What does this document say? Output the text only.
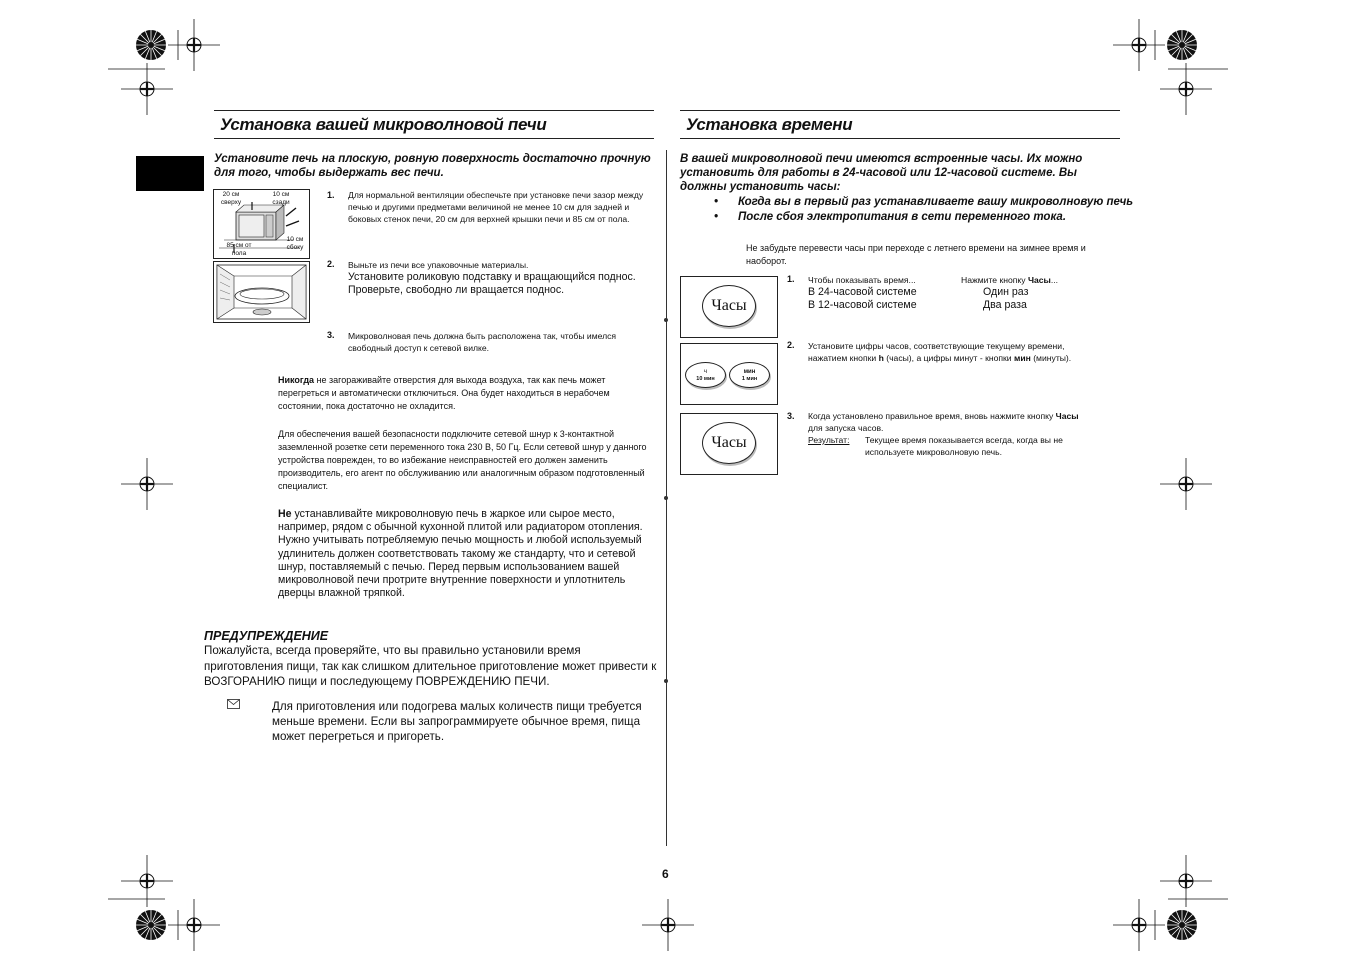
Установка вашей микроволновой печи
Установите печь на плоскую, ровную поверхность достаточно прочную для того, чтобы выдержать вес печи.
20 см сверху
10 см сзади
10 см сбоку
85 см от пола
1. Для нормальной вентиляции обеспечьте при установке печи зазор между печью и другими предметами величиной не менее 10 см для задней и боковых стенок печи, 20 см для верхней крышки печи и 85 см от пола.
2. Выньте из печи все упаковочные материалы.
Установите роликовую подставку и вращающийся поднос. Проверьте, свободно ли вращается поднос.
3. Микроволновая печь должна быть расположена так, чтобы имелся свободный доступ к сетевой вилке.
Никогда не загораживайте отверстия для выхода воздуха, так как печь может перегреться и автоматически отключиться. Она будет находиться в нерабочем состоянии, пока достаточно не охладится.
Для обеспечения вашей безопасности подключите сетевой шнур к 3-контактной заземленной розетке сети переменного тока 230 В, 50 Гц. Если сетевой шнур у данного устройства поврежден, то во избежание неисправностей его должен заменить производитель, его агент по обслуживанию или аналогичным образом подготовленный специалист.
Не устанавливайте микроволновую печь в жаркое или сырое место, например, рядом с обычной кухонной плитой или радиатором отопления. Нужно учитывать потребляемую печью мощность и любой используемый удлинитель должен соответствовать такому же стандарту, что и сетевой шнур, поставляемый с печью. Перед первым использованием вашей микроволновой печи протрите внутренние поверхности и уплотнитель дверцы влажной тряпкой.
ПРЕДУПРЕЖДЕНИЕ
Пожалуйста, всегда проверяйте, что вы правильно установили время приготовления пищи, так как слишком длительное приготовление может привести к ВОЗГОРАНИЮ пищи и последующему ПОВРЕЖДЕНИЮ ПЕЧИ.
Для приготовления или подогрева малых количеств пищи требуется меньше времени. Если вы запрограммируете обычное время, пища может перегреться и пригореть.
Установка времени
В вашей микроволновой печи имеются встроенные часы. Их можно установить для работы в 24-часовой или 12-часовой системе. Вы должны установить часы:
• Когда вы в первый раз устанавливаете вашу микроволновую печь
• После сбоя электропитания в сети переменного тока.
Не забудьте перевести часы при переходе с летнего времени на зимнее время и наоборот.
Часы
ч
10 мин
мин
1 мин
Часы
1. Чтобы показывать время...	Нажмите кнопку Часы...
В 24-часовой системе	Один раз
В 12-часовой системе	Два раза
2. Установите цифры часов, соответствующие текущему времени,
нажатием кнопки h (часы), а цифры минут - кнопки мин (минуты).
3. Когда установлено правильное время, вновь нажмите кнопку Часы
для запуска часов.
Результат: Текущее время показывается всегда, когда вы не используете микроволновую печь.
6
